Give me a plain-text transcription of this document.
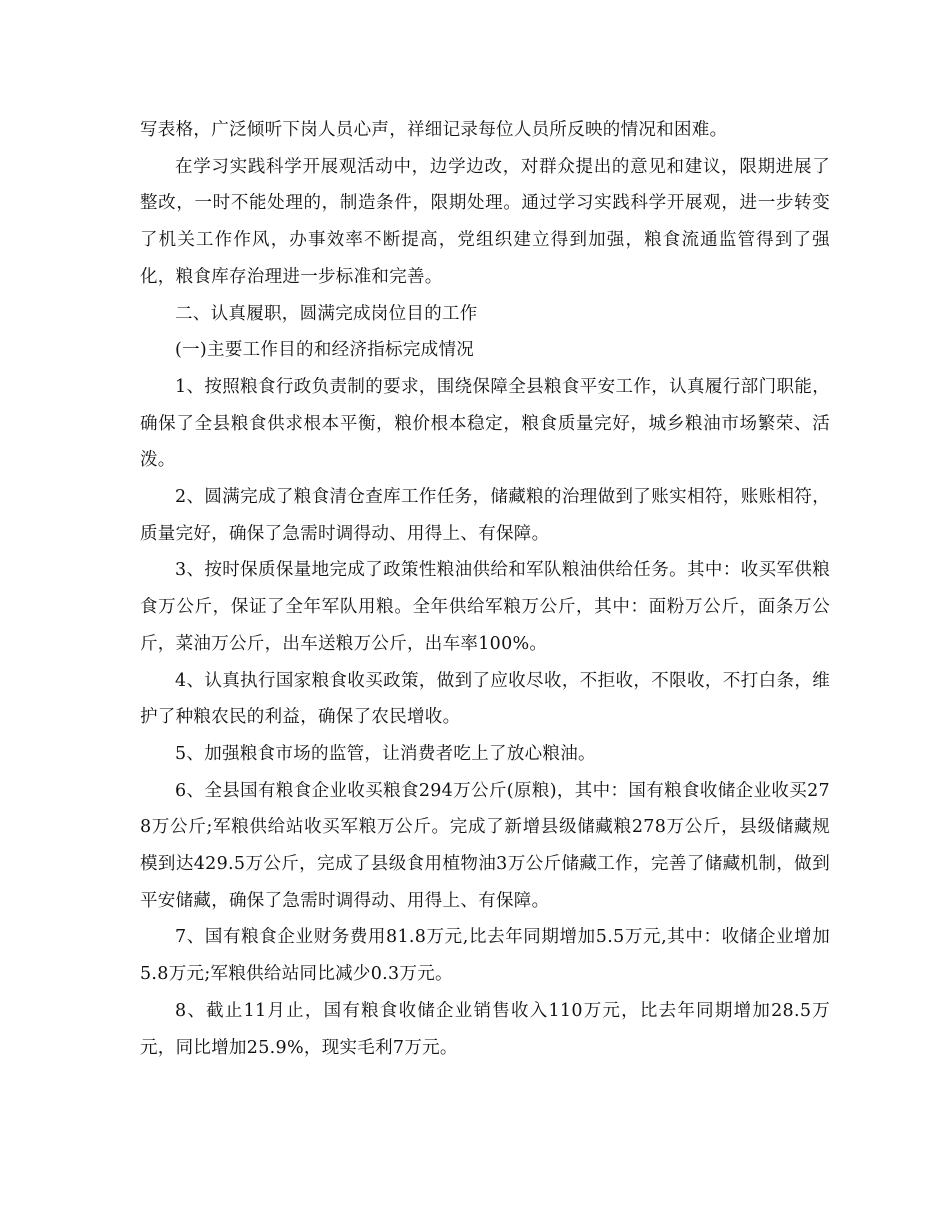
写表格，广泛倾听下岗人员心声，祥细记录每位人员所反映的情况和困难。

在学习实践科学开展观活动中，边学边改，对群众提出的意见和建议，限期进展了整改，一时不能处理的，制造条件，限期处理。通过学习实践科学开展观，进一步转变了机关工作作风，办事效率不断提高，党组织建立得到加强，粮食流通监管得到了强化，粮食库存治理进一步标准和完善。

二、认真履职，圆满完成岗位目的工作

(一)主要工作目的和经济指标完成情况

1、按照粮食行政负责制的要求，围绕保障全县粮食平安工作，认真履行部门职能，确保了全县粮食供求根本平衡，粮价根本稳定，粮食质量完好，城乡粮油市场繁荣、活泼。

2、圆满完成了粮食清仓查库工作任务，储藏粮的治理做到了账实相符，账账相符，质量完好，确保了急需时调得动、用得上、有保障。

3、按时保质保量地完成了政策性粮油供给和军队粮油供给任务。其中：收买军供粮食万公斤，保证了全年军队用粮。全年供给军粮万公斤，其中：面粉万公斤，面条万公斤，菜油万公斤，出车送粮万公斤，出车率100%。

4、认真执行国家粮食收买政策，做到了应收尽收，不拒收，不限收，不打白条，维护了种粮农民的利益，确保了农民增收。

5、加强粮食市场的监管，让消费者吃上了放心粮油。

6、全县国有粮食企业收买粮食294万公斤(原粮)，其中：国有粮食收储企业收买278万公斤;军粮供给站收买军粮万公斤。完成了新增县级储藏粮278万公斤，县级储藏规模到达429.5万公斤，完成了县级食用植物油3万公斤储藏工作，完善了储藏机制，做到平安储藏，确保了急需时调得动、用得上、有保障。

7、国有粮食企业财务费用81.8万元,比去年同期增加5.5万元,其中：收储企业增加5.8万元;军粮供给站同比减少0.3万元。

8、截止11月止，国有粮食收储企业销售收入110万元，比去年同期增加28.5万元，同比增加25.9%，现实毛利7万元。
